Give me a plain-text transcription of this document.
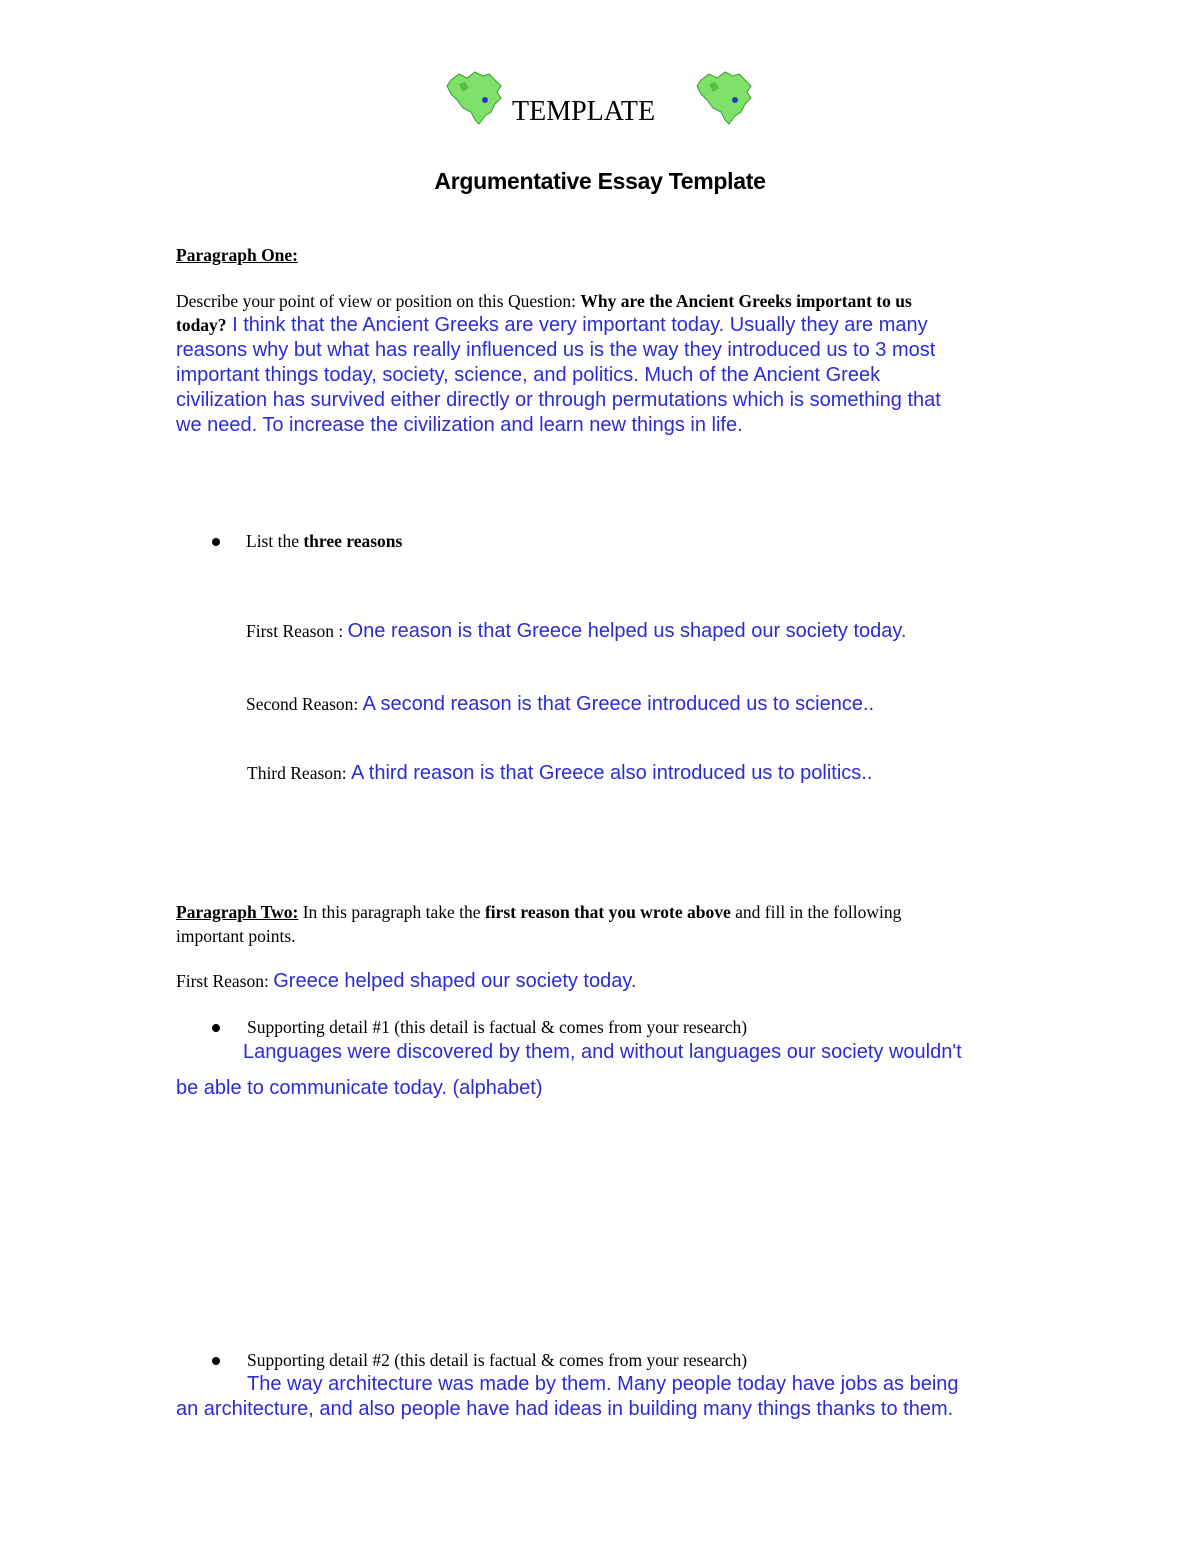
TEMPLATE
Argumentative Essay Template
Paragraph One:
Describe your point of view or position on this Question: Why are the Ancient Greeks important to us
today? I think that the Ancient Greeks are very important today. Usually they are many
reasons why but what has really influenced us is the way they introduced us to 3 most
important things today, society, science, and politics. Much of the Ancient Greek
civilization has survived either directly or through permutations which is something that
we need. To increase the civilization and learn new things in life.
List the three reasons
First Reason : One reason is that Greece helped us shaped our society today.
Second Reason: A second reason is that Greece introduced us to science..
Third Reason: A third reason is that Greece also introduced us to politics..
Paragraph Two: In this paragraph take the first reason that you wrote above and fill in the following
important points.
First Reason: Greece helped shaped our society today.
Supporting detail #1 (this detail is factual & comes from your research)
Languages were discovered by them, and without languages our society wouldn't
be able to communicate today. (alphabet)
Supporting detail #2 (this detail is factual & comes from your research)
The way architecture was made by them. Many people today have jobs as being
an architecture, and also people have had ideas in building many things thanks to them.
